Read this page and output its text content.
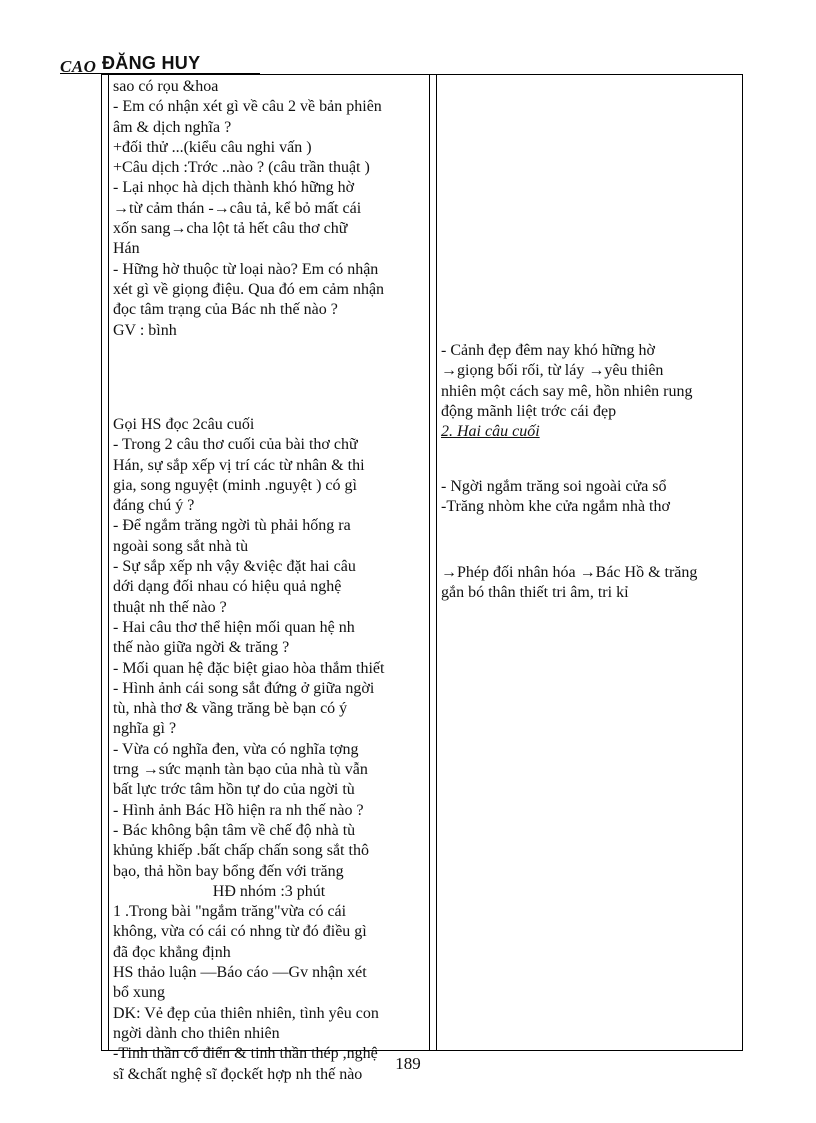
CAO ĐĂNG HUY
sao có rọu &hoa
- Em có nhận xét gì về câu 2 về bản phiên
âm & dịch nghĩa ?
+đối thử ...(kiểu câu nghi vấn )
+Câu dịch :Trớc ..nào ? (câu trần thuật )
- Lại nhọc hà dịch thành khó hững hờ
→từ cảm thán -→câu tả, kể bỏ mất cái
xốn sang→cha lột tả hết câu thơ chữ
Hán
- Hững hờ thuộc từ loại nào? Em có nhận
xét gì về giọng điệu. Qua đó em cảm nhận
đọc tâm trạng của Bác nh thế nào ?
GV : bình
Gọi HS đọc 2câu cuối
- Trong 2 câu thơ cuối của bài thơ chữ
Hán, sự sắp xếp vị trí các từ nhân & thi
gia, song nguyệt (minh .nguyệt ) có gì
đáng chú ý ?
- Để ngắm trăng ngời tù phải hống ra
ngoài song sắt nhà tù
- Sự sắp xếp nh vậy &việc đặt hai câu
dới dạng đối nhau có hiệu quả nghệ
thuật nh thế nào ?
- Hai câu thơ thể hiện mối quan hệ nh
thế nào giữa ngời & trăng ?
- Mối quan hệ đặc biệt giao hòa thắm thiết
- Hình ảnh cái song sắt đứng ở giữa ngời
tù, nhà thơ & vầng trăng bè bạn có ý
nghĩa gì ?
- Vừa có nghĩa đen, vừa có nghĩa tợng
trng →sức mạnh tàn bạo của nhà tù vẫn
bất lực trớc tâm hồn tự do của ngời tù
- Hình ảnh Bác Hồ hiện ra nh thế nào ?
- Bác không bận tâm về chế độ nhà tù
khủng khiếp .bất chấp chấn song sắt thô
bạo, thả hồn bay bổng đến với trăng
HĐ nhóm :3 phút
1 .Trong bài "ngắm trăng"vừa có cái
không, vừa có cái có nhng từ đó điều gì
đã đọc khẳng định
HS thảo luận —Báo cáo —Gv nhận xét
bổ xung
DK: Vẻ đẹp của thiên nhiên, tình yêu con
ngời dành cho thiên nhiên
-Tinh thần cổ điển & tinh thần thép ,nghệ
sĩ &chất nghệ sĩ đọckết hợp nh thế nào
- Cảnh đẹp đêm nay khó hững hờ
→giọng bối rối, từ láy →yêu thiên
nhiên một cách say mê, hồn nhiên rung
động mãnh liệt trớc cái đẹp
2. Hai câu cuối
- Ngời ngắm trăng soi ngoài cửa sổ
-Trăng nhòm khe cửa ngắm nhà thơ
→Phép đối nhân hóa →Bác Hồ & trăng
gắn bó thân thiết tri âm, tri kỉ
189
